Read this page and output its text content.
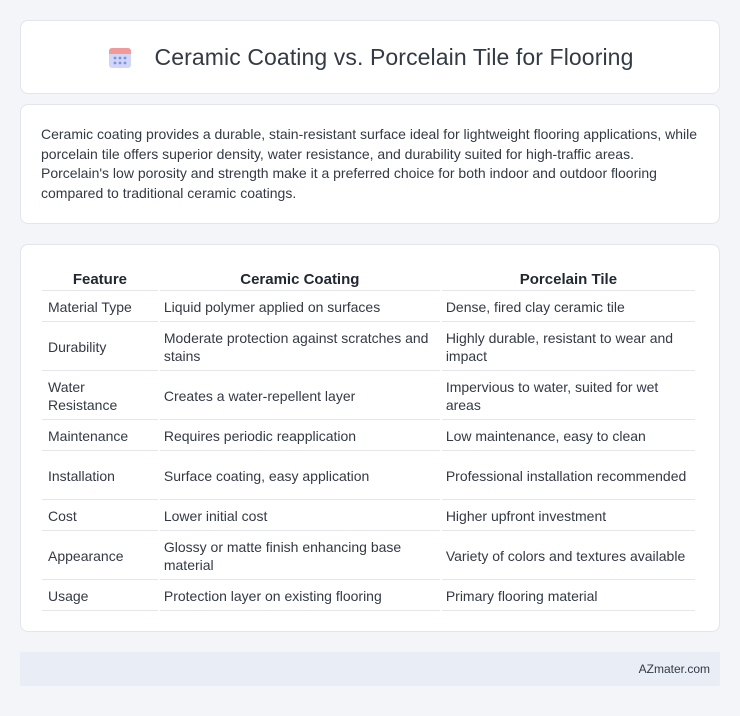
Ceramic Coating vs. Porcelain Tile for Flooring

Ceramic coating provides a durable, stain-resistant surface ideal for lightweight flooring applications, while porcelain tile offers superior density, water resistance, and durability suited for high-traffic areas. Porcelain's low porosity and strength make it a preferred choice for both indoor and outdoor flooring compared to traditional ceramic coatings.

Feature	Ceramic Coating	Porcelain Tile
Material Type	Liquid polymer applied on surfaces	Dense, fired clay ceramic tile
Durability	Moderate protection against scratches and stains	Highly durable, resistant to wear and impact
Water Resistance	Creates a water-repellent layer	Impervious to water, suited for wet areas
Maintenance	Requires periodic reapplication	Low maintenance, easy to clean
Installation	Surface coating, easy application	Professional installation recommended
Cost	Lower initial cost	Higher upfront investment
Appearance	Glossy or matte finish enhancing base material	Variety of colors and textures available
Usage	Protection layer on existing flooring	Primary flooring material
AZmater.com
